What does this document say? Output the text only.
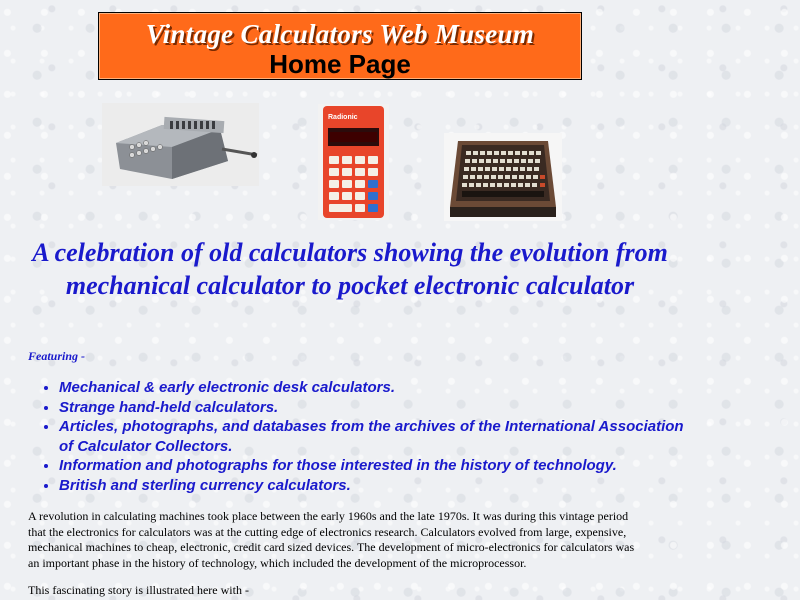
Vintage Calculators Web Museum
Home Page
Radionic

A celebration of old calculators showing the evolution from mechanical calculator to pocket electronic calculator

Featuring -
• Mechanical & early electronic desk calculators.
• Strange hand-held calculators.
• Articles, photographs, and databases from the archives of the International Association of Calculator Collectors.
• Information and photographs for those interested in the history of technology.
• British and sterling currency calculators.

A revolution in calculating machines took place between the early 1960s and the late 1970s. It was during this vintage period that the electronics for calculators was at the cutting edge of electronics research. Calculators evolved from large, expensive, mechanical machines to cheap, electronic, credit card sized devices. The development of micro-electronics for calculators was an important phase in the history of technology, which included the development of the microprocessor.

This fascinating story is illustrated here with -
